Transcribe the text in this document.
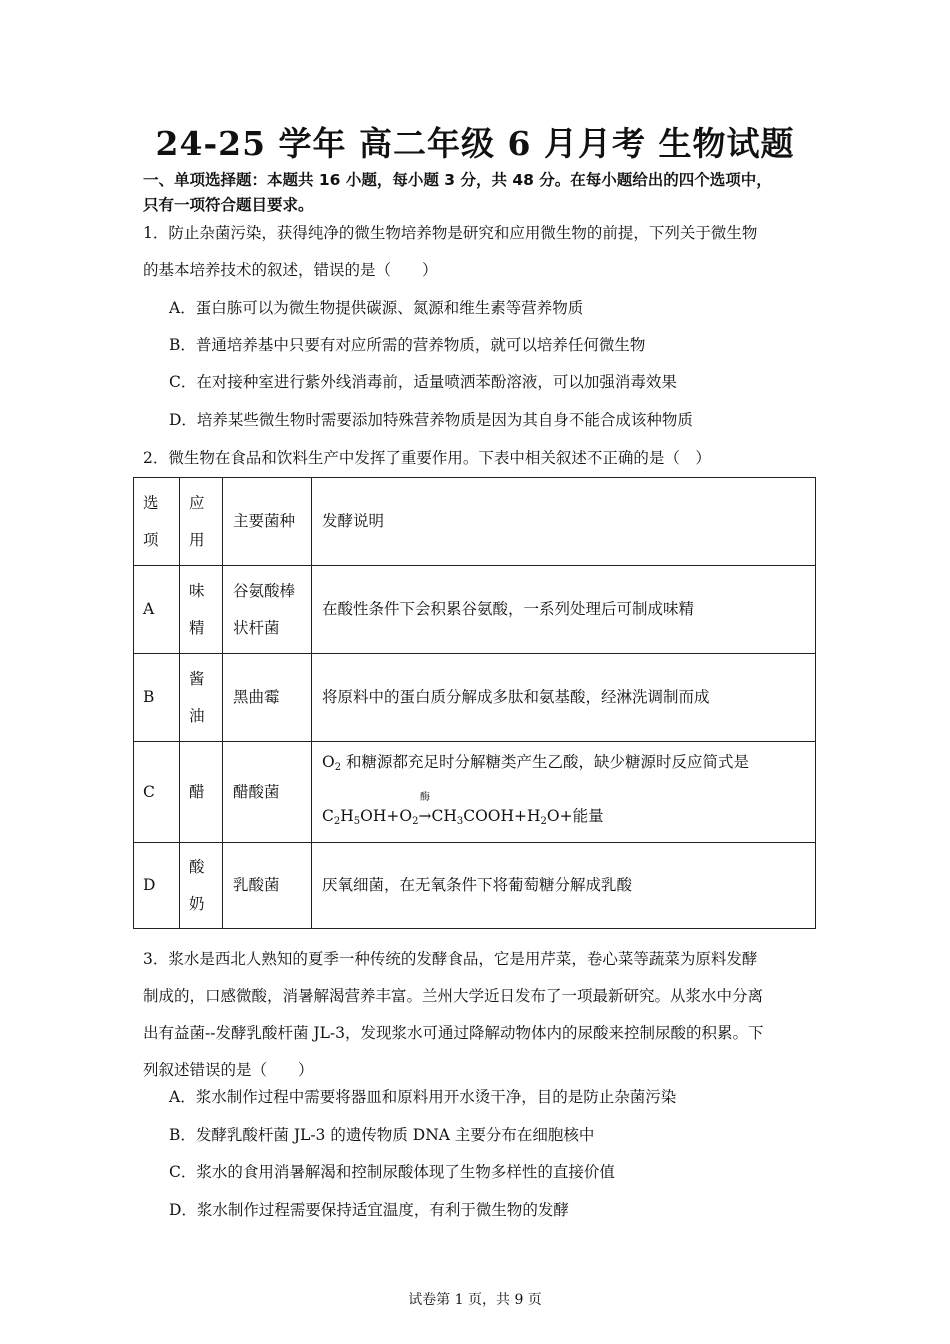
24-25 学年 高二年级 6 月月考 生物试题
一、单项选择题：本题共 16 小题，每小题 3 分，共 48 分。在每小题给出的四个选项中，
只有一项符合题目要求。
1．防止杂菌污染，获得纯净的微生物培养物是研究和应用微生物的前提，下列关于微生物
的基本培养技术的叙述，错误的是（　　）
A．蛋白胨可以为微生物提供碳源、氮源和维生素等营养物质
B．普通培养基中只要有对应所需的营养物质，就可以培养任何微生物
C．在对接种室进行紫外线消毒前，适量喷洒苯酚溶液，可以加强消毒效果
D．培养某些微生物时需要添加特殊营养物质是因为其自身不能合成该种物质
2．微生物在食品和饮料生产中发挥了重要作用。下表中相关叙述不正确的是（　）
选项	应用	主要菌种	发酵说明
A	味精	谷氨酸棒状杆菌	在酸性条件下会积累谷氨酸，一系列处理后可制成味精
B	酱油	黑曲霉	将原料中的蛋白质分解成多肽和氨基酸，经淋洗调制而成
C	醋	醋酸菌	$O_2$ 和糖源都充足时分解糖类产生乙酸，缺少糖源时反应简式是
$C_2H_5OH+O_2$
酶
$\to CH_3COOH+H_2O+$能量

D	酸奶	乳酸菌	厌氧细菌，在无氧条件下将葡萄糖分解成乳酸
3．浆水是西北人熟知的夏季一种传统的发酵食品，它是用芹菜，卷心菜等蔬菜为原料发酵
制成的，口感微酸，消暑解渴营养丰富。兰州大学近日发布了一项最新研究。从浆水中分离
出有益菌--发酵乳酸杆菌 JL-3，发现浆水可通过降解动物体内的尿酸来控制尿酸的积累。下
列叙述错误的是（　　）
A．浆水制作过程中需要将器皿和原料用开水烫干净，目的是防止杂菌污染
B．发酵乳酸杆菌 JL-3 的遗传物质 DNA 主要分布在细胞核中
C．浆水的食用消暑解渴和控制尿酸体现了生物多样性的直接价值
D．浆水制作过程需要保持适宜温度，有利于微生物的发酵
试卷第 1 页，共 9 页
